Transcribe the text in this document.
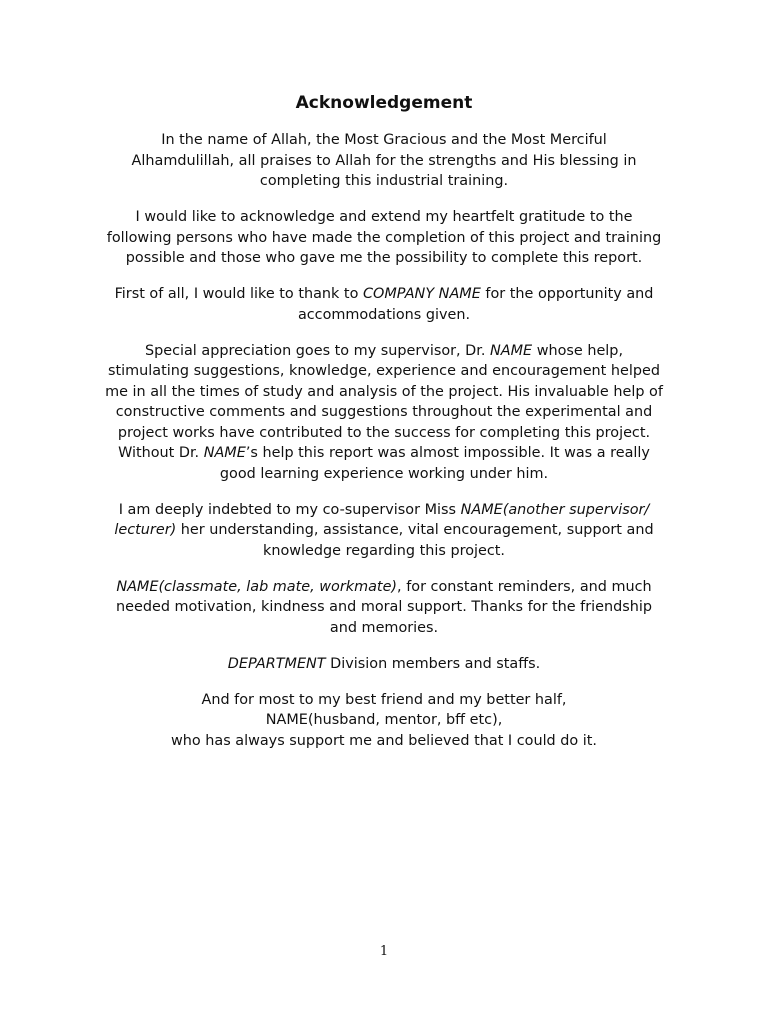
Acknowledgement

In the name of Allah, the Most Gracious and the Most Merciful
Alhamdulillah, all praises to Allah for the strengths and His blessing in
completing this industrial training.

I would like to acknowledge and extend my heartfelt gratitude to the
following persons who have made the completion of this project and training
possible and those who gave me the possibility to complete this report.

First of all, I would like to thank to COMPANY NAME for the opportunity and
accommodations given.

Special appreciation goes to my supervisor, Dr. NAME whose help,
stimulating suggestions, knowledge, experience and encouragement helped
me in all the times of study and analysis of the project. His invaluable help of
constructive comments and suggestions throughout the experimental and
project works have contributed to the success for completing this project.
Without Dr. NAME’s help this report was almost impossible. It was a really
good learning experience working under him.

I am deeply indebted to my co-supervisor Miss NAME(another supervisor/
lecturer) her understanding, assistance, vital encouragement, support and
knowledge regarding this project.

NAME(classmate, lab mate, workmate), for constant reminders, and much
needed motivation, kindness and moral support. Thanks for the friendship
and memories.

DEPARTMENT Division members and staffs.

And for most to my best friend and my better half,
NAME(husband, mentor, bff etc),
who has always support me and believed that I could do it.

1
